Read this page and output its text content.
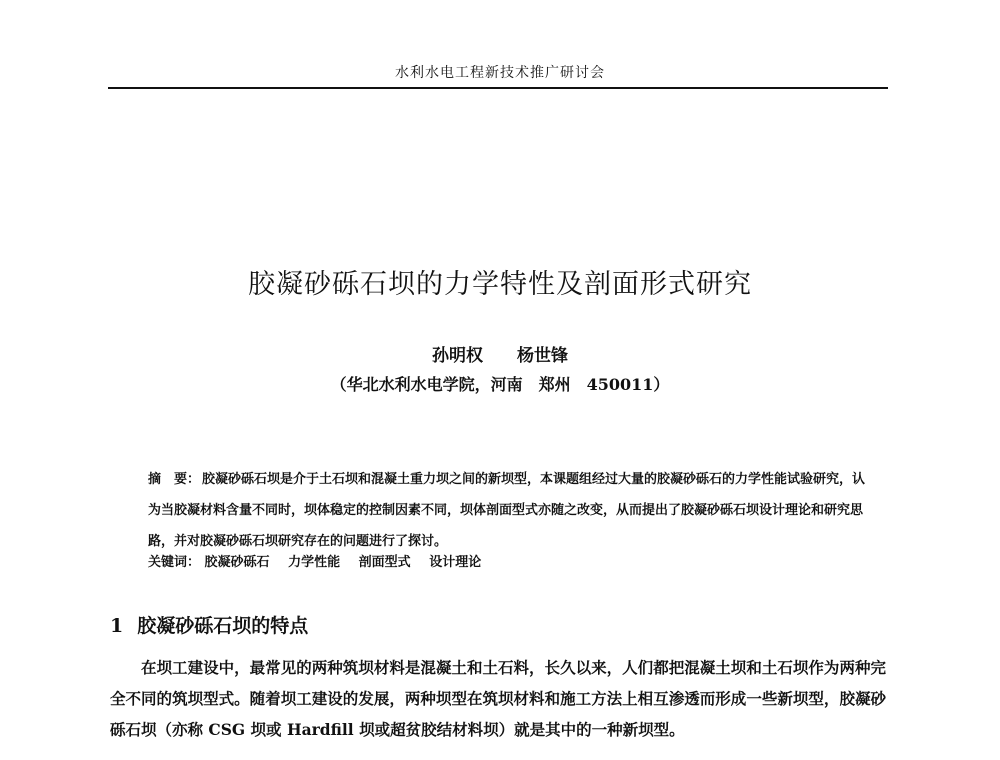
水利水电工程新技术推广研讨会
胶凝砂砾石坝的力学特性及剖面形式研究
孙明权 杨世锋
（华北水利水电学院，河南　郑州　450011）
摘　要： 胶凝砂砾石坝是介于土石坝和混凝土重力坝之间的新坝型，本课题组经过大量的胶凝砂砾石的力学性能试验研究，认为当胶凝材料含量不同时，坝体稳定的控制因素不同，坝体剖面型式亦随之改变，从而提出了胶凝砂砾石坝设计理论和研究思路，并对胶凝砂砾石坝研究存在的问题进行了探讨。
关键词： 胶凝砂砾石 力学性能 剖面型式 设计理论
1 胶凝砂砾石坝的特点
在坝工建设中，最常见的两种筑坝材料是混凝土和土石料，长久以来，人们都把混凝土坝和土石坝作为两种完全不同的筑坝型式。随着坝工建设的发展，两种坝型在筑坝材料和施工方法上相互渗透而形成一些新坝型，胶凝砂砾石坝（亦称 CSG 坝或 Hardfill 坝或超贫胶结材料坝）就是其中的一种新坝型。
